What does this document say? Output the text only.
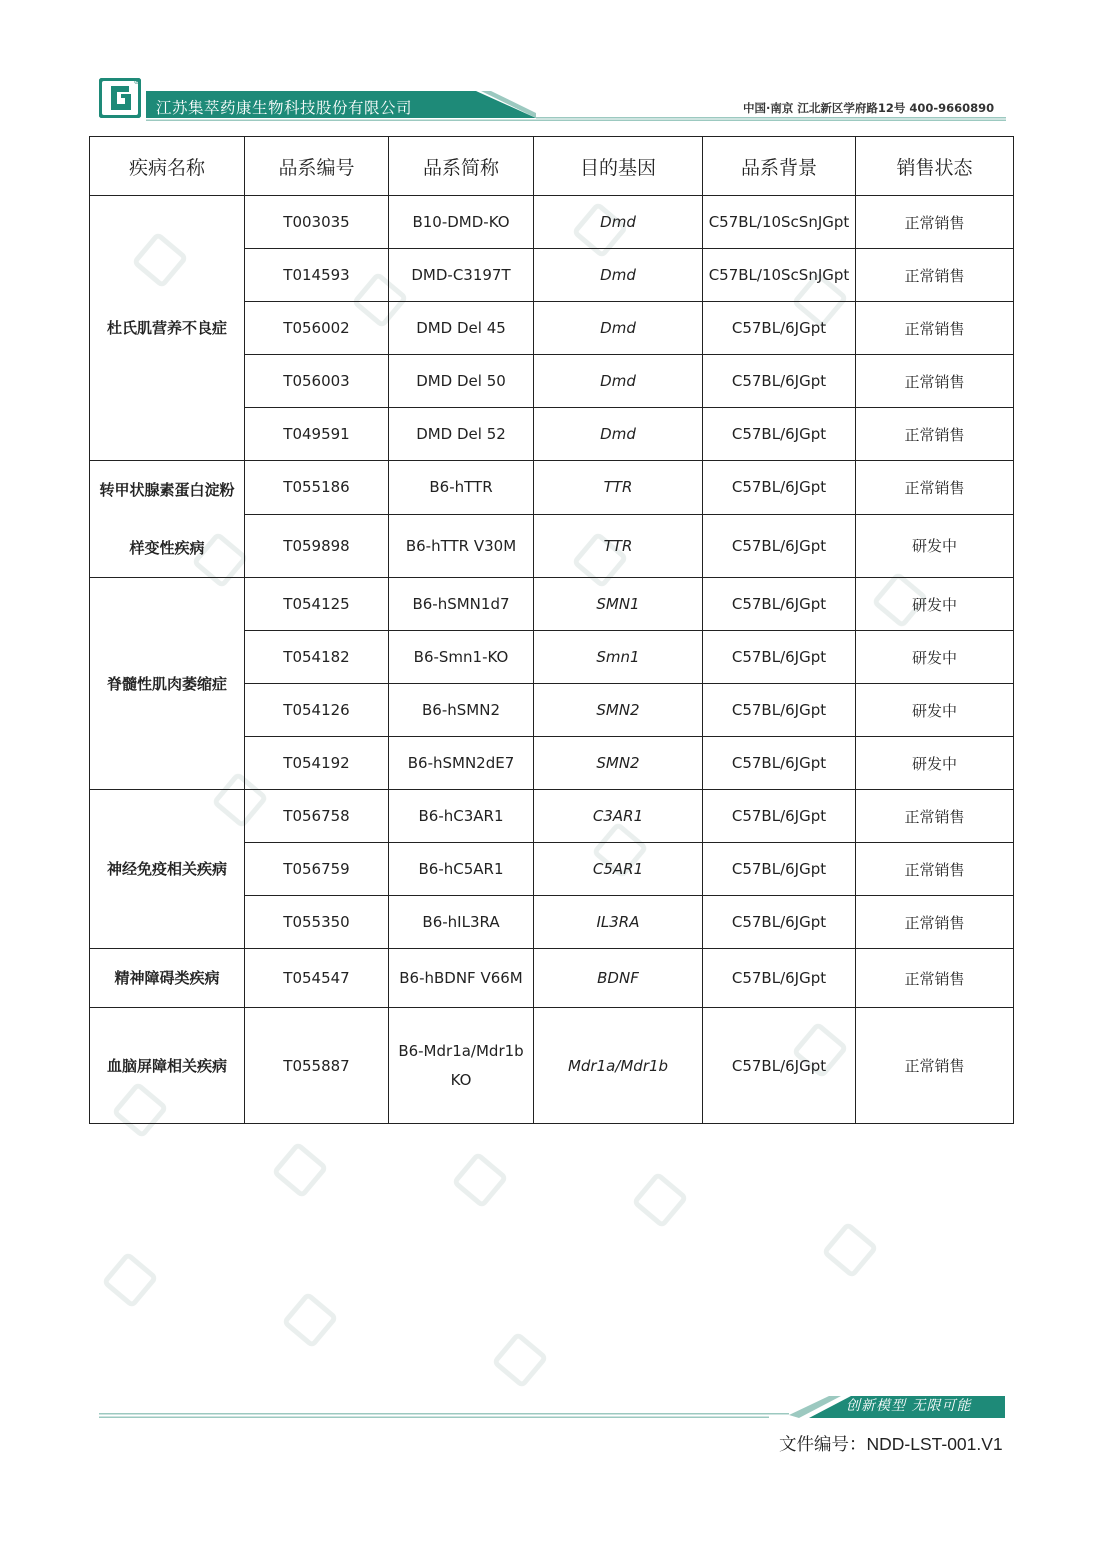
®
江苏集萃药康生物科技股份有限公司	中国·南京 江北新区学府路12号 400-9660890
疾病名称	品系编号	品系简称	目的基因	品系背景	销售状态
杜氏肌营养不良症	T003035	B10-DMD-KO	Dmd	C57BL/10ScSnJGpt	正常销售
	T014593	DMD-C3197T	Dmd	C57BL/10ScSnJGpt	正常销售
	T056002	DMD Del 45	Dmd	C57BL/6JGpt	正常销售
	T056003	DMD Del 50	Dmd	C57BL/6JGpt	正常销售
	T049591	DMD Del 52	Dmd	C57BL/6JGpt	正常销售
转甲状腺素蛋白淀粉样变性疾病	T055186	B6-hTTR	TTR	C57BL/6JGpt	正常销售
	T059898	B6-hTTR V30M	TTR	C57BL/6JGpt	研发中
脊髓性肌肉萎缩症	T054125	B6-hSMN1d7	SMN1	C57BL/6JGpt	研发中
	T054182	B6-Smn1-KO	Smn1	C57BL/6JGpt	研发中
	T054126	B6-hSMN2	SMN2	C57BL/6JGpt	研发中
	T054192	B6-hSMN2dE7	SMN2	C57BL/6JGpt	研发中
神经免疫相关疾病	T056758	B6-hC3AR1	C3AR1	C57BL/6JGpt	正常销售
	T056759	B6-hC5AR1	C5AR1	C57BL/6JGpt	正常销售
	T055350	B6-hIL3RA	IL3RA	C57BL/6JGpt	正常销售
精神障碍类疾病	T054547	B6-hBDNF V66M	BDNF	C57BL/6JGpt	正常销售
血脑屏障相关疾病	T055887	B6-Mdr1a/Mdr1b KO	Mdr1a/Mdr1b	C57BL/6JGpt	正常销售
创新模型 无限可能
文件编号：NDD-LST-001.V1
